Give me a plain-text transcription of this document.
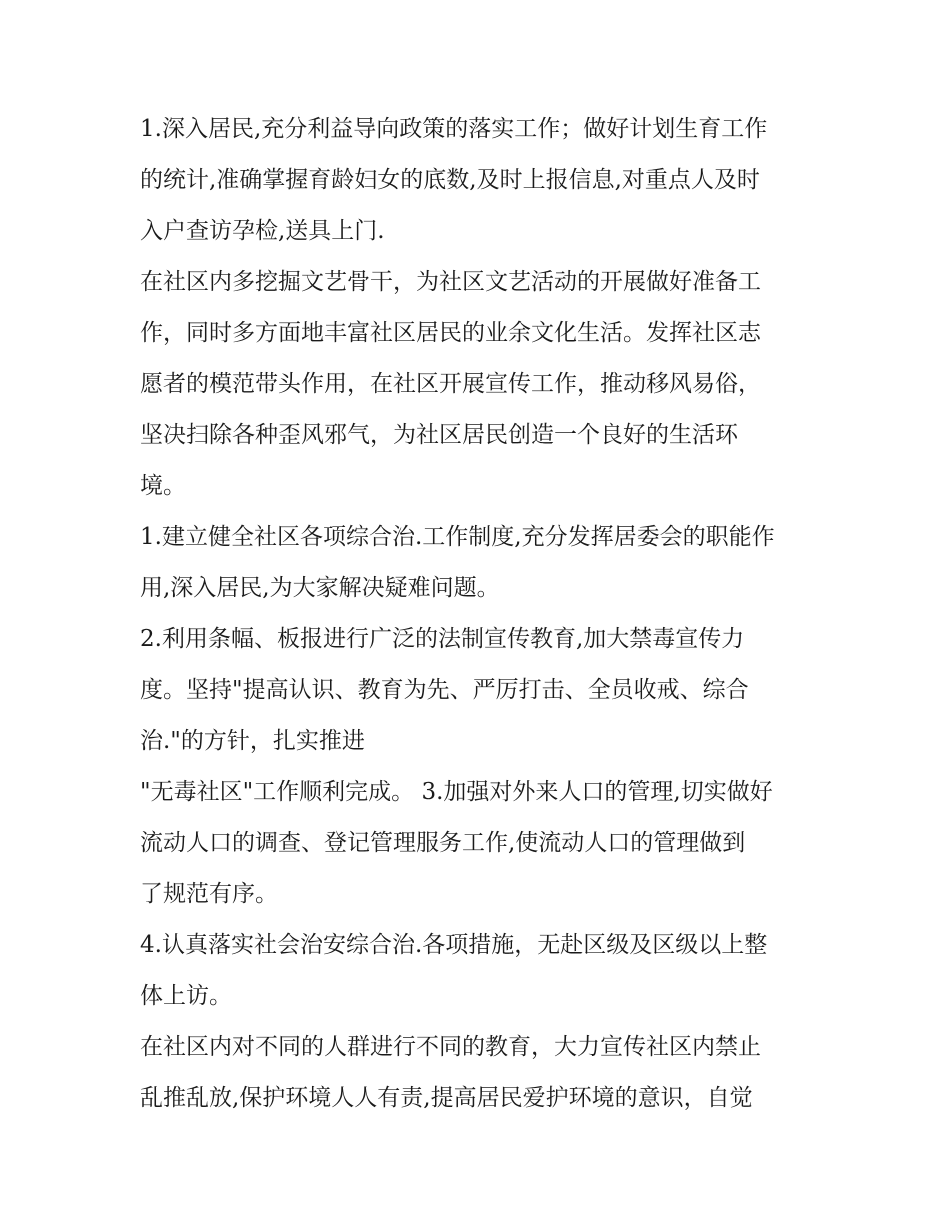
1.深入居民,充分利益导向政策的落实工作；做好计划生育工作
的统计,准确掌握育龄妇女的底数,及时上报信息,对重点人及时
入户查访孕检,送具上门.

在社区内多挖掘文艺骨干，为社区文艺活动的开展做好准备工
作，同时多方面地丰富社区居民的业余文化生活。发挥社区志
愿者的模范带头作用，在社区开展宣传工作，推动移风易俗，
坚决扫除各种歪风邪气，为社区居民创造一个良好的生活环
境。

1.建立健全社区各项综合治.工作制度,充分发挥居委会的职能作
用,深入居民,为大家解决疑难问题。

2.利用条幅、板报进行广泛的法制宣传教育,加大禁毒宣传力
度。坚持"提高认识、教育为先、严厉打击、全员收戒、综合
治."的方针，扎实推进

"无毒社区"工作顺利完成。 3.加强对外来人口的管理,切实做好
流动人口的调查、登记管理服务工作,使流动人口的管理做到
了规范有序。

4.认真落实社会治安综合治.各项措施，无赴区级及区级以上整
体上访。

在社区内对不同的人群进行不同的教育，大力宣传社区内禁止
乱推乱放,保护环境人人有责,提高居民爱护环境的意识，自觉
